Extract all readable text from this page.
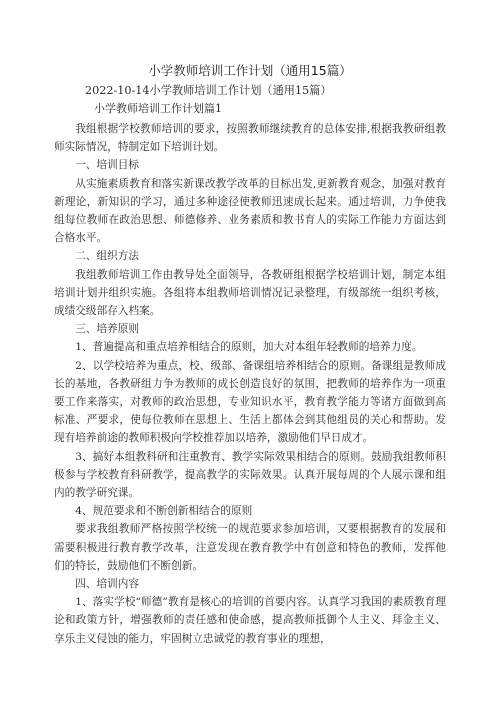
小学教师培训工作计划（通用15篇）
2022-10-14小学教师培训工作计划（通用15篇）
小学教师培训工作计划篇1

我组根据学校教师培训的要求，按照教师继续教育的总体安排,根据我教研组教师实际情况，特制定如下培训计划。

一、培训目标

从实施素质教育和落实新课改教学改革的目标出发,更新教育观念，加强对教育新理论，新知识的学习，通过多种途径使教师迅速成长起来。通过培训，力争使我组每位教师在政治思想、师德修养、业务素质和教书育人的实际工作能力方面达到合格水平。

二、组织方法

我组教师培训工作由教导处全面领导，各教研组根据学校培训计划，制定本组培训计划并组织实施。各组将本组教师培训情况记录整理，有级部统一组织考核，成绩交级部存入档案。

三、培养原则

1、普遍提高和重点培养相结合的原则，加大对本组年轻教师的培养力度。

2、以学校培养为重点，校、级部、备课组培养相结合的原则。备课组是教师成长的基地，各教研组力争为教师的成长创造良好的氛围，把教师的培养作为一项重要工作来落实，对教师的政治思想，专业知识水平，教育教学能力等诸方面做到高标准、严要求，使每位教师在思想上、生活上都体会到其他组员的关心和帮助。发现有培养前途的教师积极向学校推荐加以培养，激励他们早日成才。

3、搞好本组教科研和注重教育、教学实际效果相结合的原则。鼓励我组教师积极参与学校教育科研教学，提高教学的实际效果。认真开展每周的个人展示课和组内的教学研究课。

4、规范要求和不断创新相结合的原则

要求我组教师严格按照学校统一的规范要求参加培训，又要根据教育的发展和需要积极进行教育教学改革，注意发现在教育教学中有创意和特色的教师，发挥他们的特长，鼓励他们不断创新。

四、培训内容

1、落实学校“师德”教育是核心的培训的首要内容。认真学习我国的素质教育理论和政策方针，增强教师的责任感和使命感，提高教师抵御个人主义、拜金主义、享乐主义侵蚀的能力，牢固树立忠诚党的教育事业的理想，
